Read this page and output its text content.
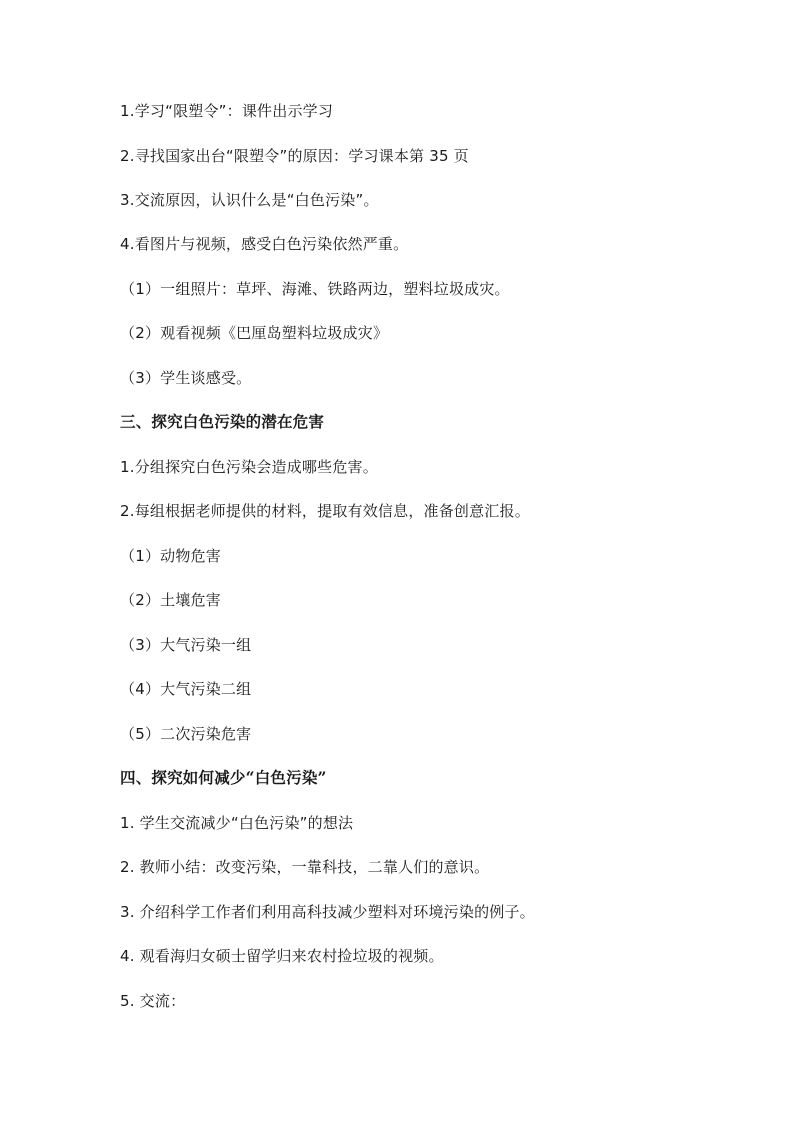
1.学习“限塑令”：课件出示学习
2.寻找国家出台“限塑令”的原因：学习课本第 35 页
3.交流原因，认识什么是“白色污染”。
4.看图片与视频，感受白色污染依然严重。
（1）一组照片：草坪、海滩、铁路两边，塑料垃圾成灾。
（2）观看视频《巴厘岛塑料垃圾成灾》
（3）学生谈感受。
三、探究白色污染的潜在危害
1.分组探究白色污染会造成哪些危害。
2.每组根据老师提供的材料，提取有效信息，准备创意汇报。
（1）动物危害
（2）土壤危害
（3）大气污染一组
（4）大气污染二组
（5）二次污染危害
四、探究如何减少“白色污染”
1. 学生交流减少“白色污染”的想法
2. 教师小结：改变污染，一靠科技，二靠人们的意识。
3. 介绍科学工作者们利用高科技减少塑料对环境污染的例子。
4. 观看海归女硕士留学归来农村捡垃圾的视频。
5. 交流：
